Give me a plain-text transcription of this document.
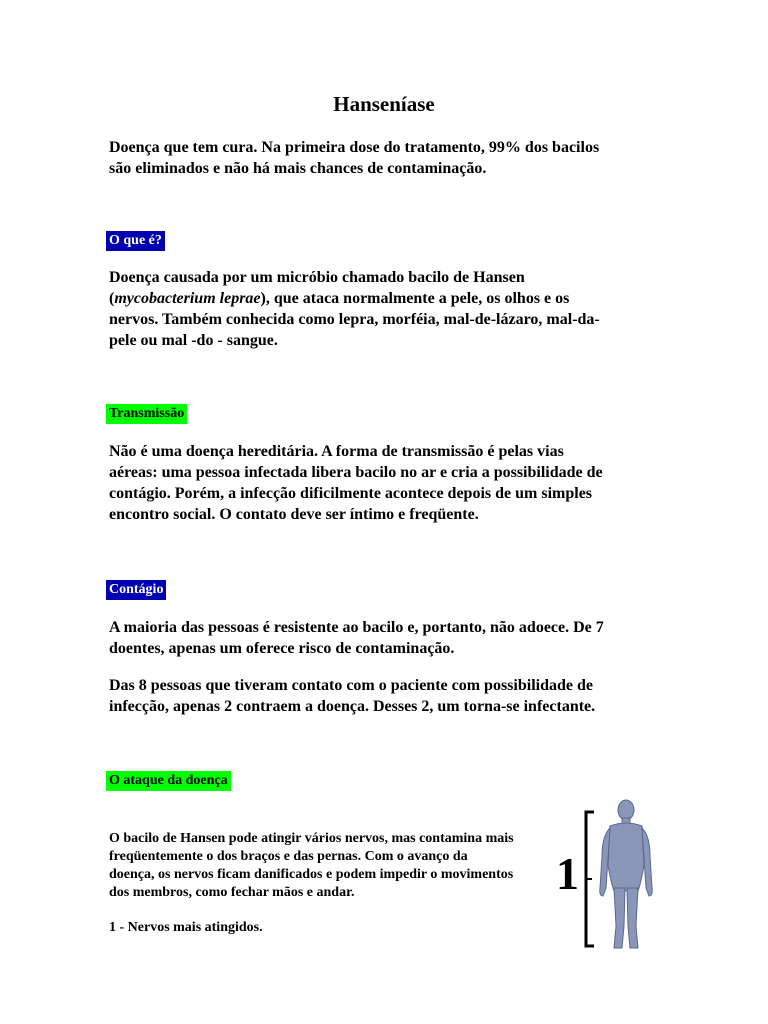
Hanseníase

Doença que tem cura. Na primeira dose do tratamento, 99% dos bacilos
são eliminados e não há mais chances de contaminação.

O que é?

Doença causada por um micróbio chamado bacilo de Hansen
(mycobacterium leprae), que ataca normalmente a pele, os olhos e os
nervos. Também conhecida como lepra, morféia, mal-de-lázaro, mal-da-
pele ou mal -do - sangue.

Transmissão

Não é uma doença hereditária. A forma de transmissão é pelas vias
aéreas: uma pessoa infectada libera bacilo no ar e cria a possibilidade de
contágio. Porém, a infecção dificilmente acontece depois de um simples
encontro social. O contato deve ser íntimo e freqüente.

Contágio

A maioria das pessoas é resistente ao bacilo e, portanto, não adoece. De 7
doentes, apenas um oferece risco de contaminação.

Das 8 pessoas que tiveram contato com o paciente com possibilidade de
infecção, apenas 2 contraem a doença. Desses 2, um torna-se infectante.

O ataque da doença

O bacilo de Hansen pode atingir vários nervos, mas contamina mais
freqüentemente o dos braços e das pernas. Com o avanço da
doença, os nervos ficam danificados e podem impedir o movimentos
dos membros, como fechar mãos e andar.

1 - Nervos mais atingidos.

1
